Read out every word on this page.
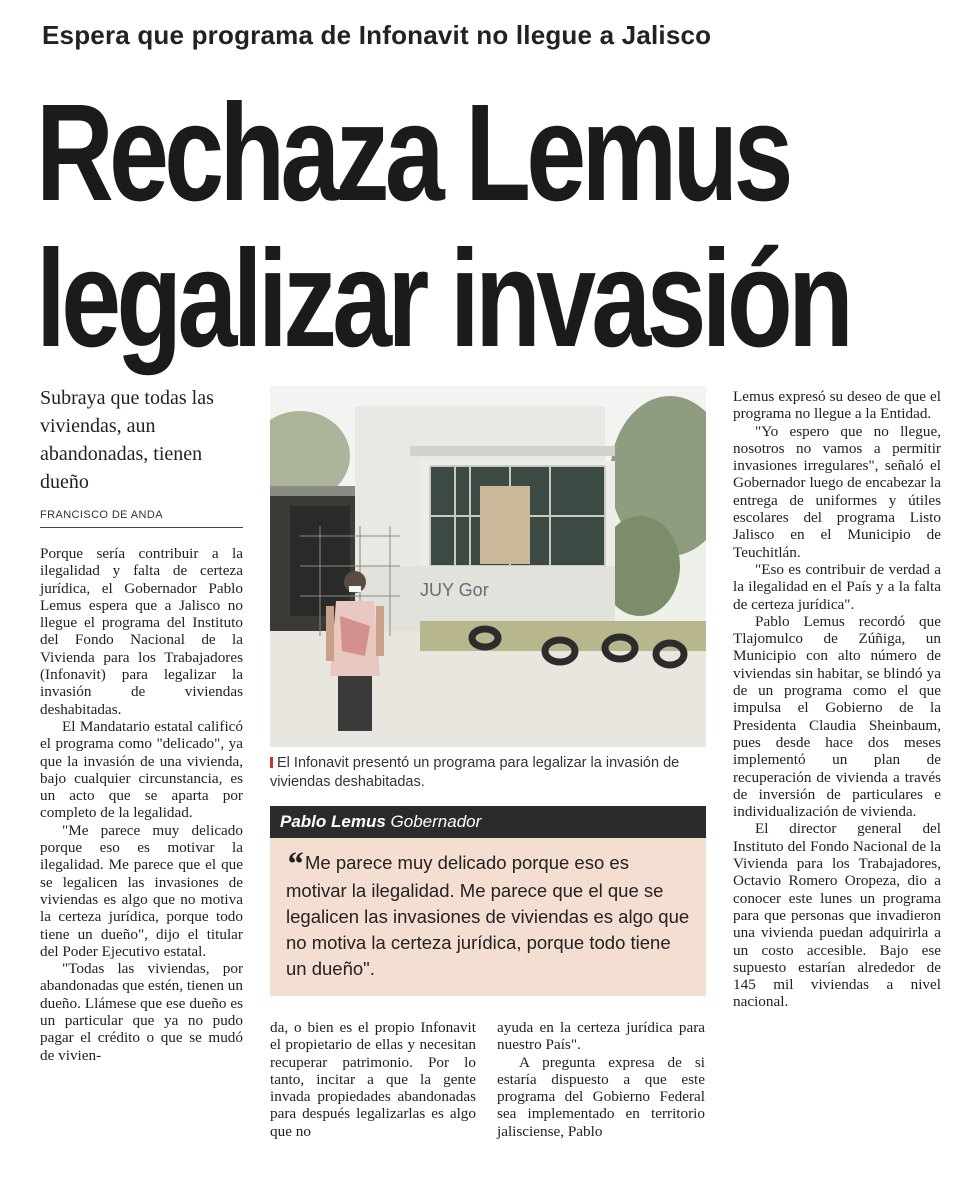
Espera que programa de Infonavit no llegue a Jalisco
Rechaza Lemus
legalizar invasión
Subraya que todas las viviendas, aun abandonadas, tienen dueño
FRANCISCO DE ANDA

Porque sería contribuir a la ilegalidad y falta de certeza jurídica, el Gobernador Pablo Lemus espera que a Jalisco no llegue el programa del Instituto del Fondo Nacional de la Vivienda para los Trabajadores (Infonavit) para legalizar la invasión de viviendas deshabitadas.

El Mandatario estatal calificó el programa como "delicado", ya que la invasión de una vivienda, bajo cualquier circunstancia, es un acto que se aparta por completo de la legalidad.

"Me parece muy delicado porque eso es motivar la ilegalidad. Me parece que el que se legalicen las invasiones de viviendas es algo que no motiva la certeza jurídica, porque todo tiene un dueño", dijo el titular del Poder Ejecutivo estatal.

"Todas las viviendas, por abandonadas que estén, tienen un dueño. Llámese que ese dueño es un particular que ya no pudo pagar el crédito o que se mudó de vivien-

JUY Gor
El Infonavit presentó un programa para legalizar la invasión de viviendas deshabitadas.
Pablo Lemus Gobernador
“ Me parece muy delicado porque eso es motivar la ilegalidad. Me parece que el que se legalicen las invasiones de viviendas es algo que no motiva la certeza jurídica, porque todo tiene un dueño".

da, o bien es el propio Infonavit el propietario de ellas y necesitan recuperar patrimonio. Por lo tanto, incitar a que la gente invada propiedades abandonadas para después legalizarlas es algo que no

ayuda en la certeza jurídica para nuestro País".

A pregunta expresa de si estaría dispuesto a que este programa del Gobierno Federal sea implementado en territorio jalisciense, Pablo

Lemus expresó su deseo de que el programa no llegue a la Entidad.

"Yo espero que no llegue, nosotros no vamos a permitir invasiones irregulares", señaló el Gobernador luego de encabezar la entrega de uniformes y útiles escolares del programa Listo Jalisco en el Municipio de Teuchitlán.

"Eso es contribuir de verdad a la ilegalidad en el País y a la falta de certeza jurídica".

Pablo Lemus recordó que Tlajomulco de Zúñiga, un Municipio con alto número de viviendas sin habitar, se blindó ya de un programa como el que impulsa el Gobierno de la Presidenta Claudia Sheinbaum, pues desde hace dos meses implementó un plan de recuperación de vivienda a través de inversión de particulares e individualización de vivienda.

El director general del Instituto del Fondo Nacional de la Vivienda para los Trabajadores, Octavio Romero Oropeza, dio a conocer este lunes un programa para que personas que invadieron una vivienda puedan adquirirla a un costo accesible. Bajo ese supuesto estarían alrededor de 145 mil viviendas a nivel nacional.
